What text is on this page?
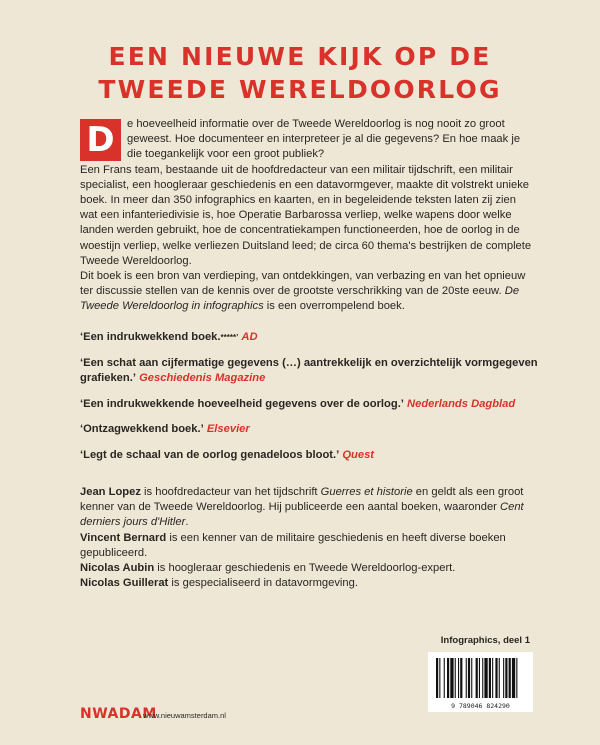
EEN NIEUWE KIJK OP DE
TWEEDE WERELDOORLOG
D	e hoeveelheid informatie over de Tweede Wereldoorlog is nog nooit zo groot geweest. Hoe documenteer en interpreteer je al die gegevens? En hoe maak je die toegankelijk voor een groot publiek?

Een Frans team, bestaande uit de hoofdredacteur van een militair tijdschrift, een militair specialist, een hoogleraar geschiedenis en een datavormgever, maakte dit volstrekt unieke boek. In meer dan 350 infographics en kaarten, en in begeleidende teksten laten zij zien wat een infanteriedivisie is, hoe Operatie Barbarossa verliep, welke wapens door welke landen werden gebruikt, hoe de concentratiekampen functioneerden, hoe de oorlog in de woestijn verliep, welke verliezen Duitsland leed; de circa 60 thema's bestrijken de complete Tweede Wereldoorlog.

Dit boek is een bron van verdieping, van ontdekkingen, van verbazing en van het opnieuw ter discussie stellen van de kennis over de grootste verschrikking van de 20ste eeuw. De Tweede Wereldoorlog in infographics is een overrompelend boek.

‘Een indrukwekkend boek.*****’ AD
‘Een schat aan cijfermatige gegevens (…) aantrekkelijk en overzichtelijk vormgegeven grafieken.’ Geschiedenis Magazine
‘Een indrukwekkende hoeveelheid gegevens over de oorlog.’ Nederlands Dagblad
‘Ontzagwekkend boek.’ Elsevier
‘Legt de schaal van de oorlog genadeloos bloot.’ Quest

Jean Lopez is hoofdredacteur van het tijdschrift Guerres et historie en geldt als een groot kenner van de Tweede Wereldoorlog. Hij publiceerde een aantal boeken, waaronder Cent derniers jours d'Hitler.

Vincent Bernard is een kenner van de militaire geschiedenis en heeft diverse boeken gepubliceerd.

Nicolas Aubin is hoogleraar geschiedenis en Tweede Wereldoorlog-expert.

Nicolas Guillerat is gespecialiseerd in datavormgeving.

Infographics, deel 1
9 789046 824290
NWADAM
www.nieuwamsterdam.nl
